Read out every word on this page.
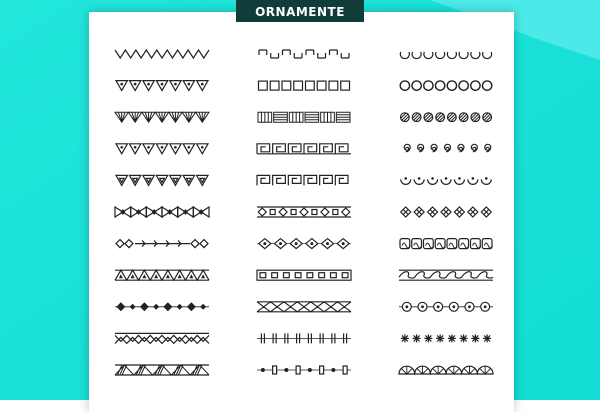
ORNAMENTE
